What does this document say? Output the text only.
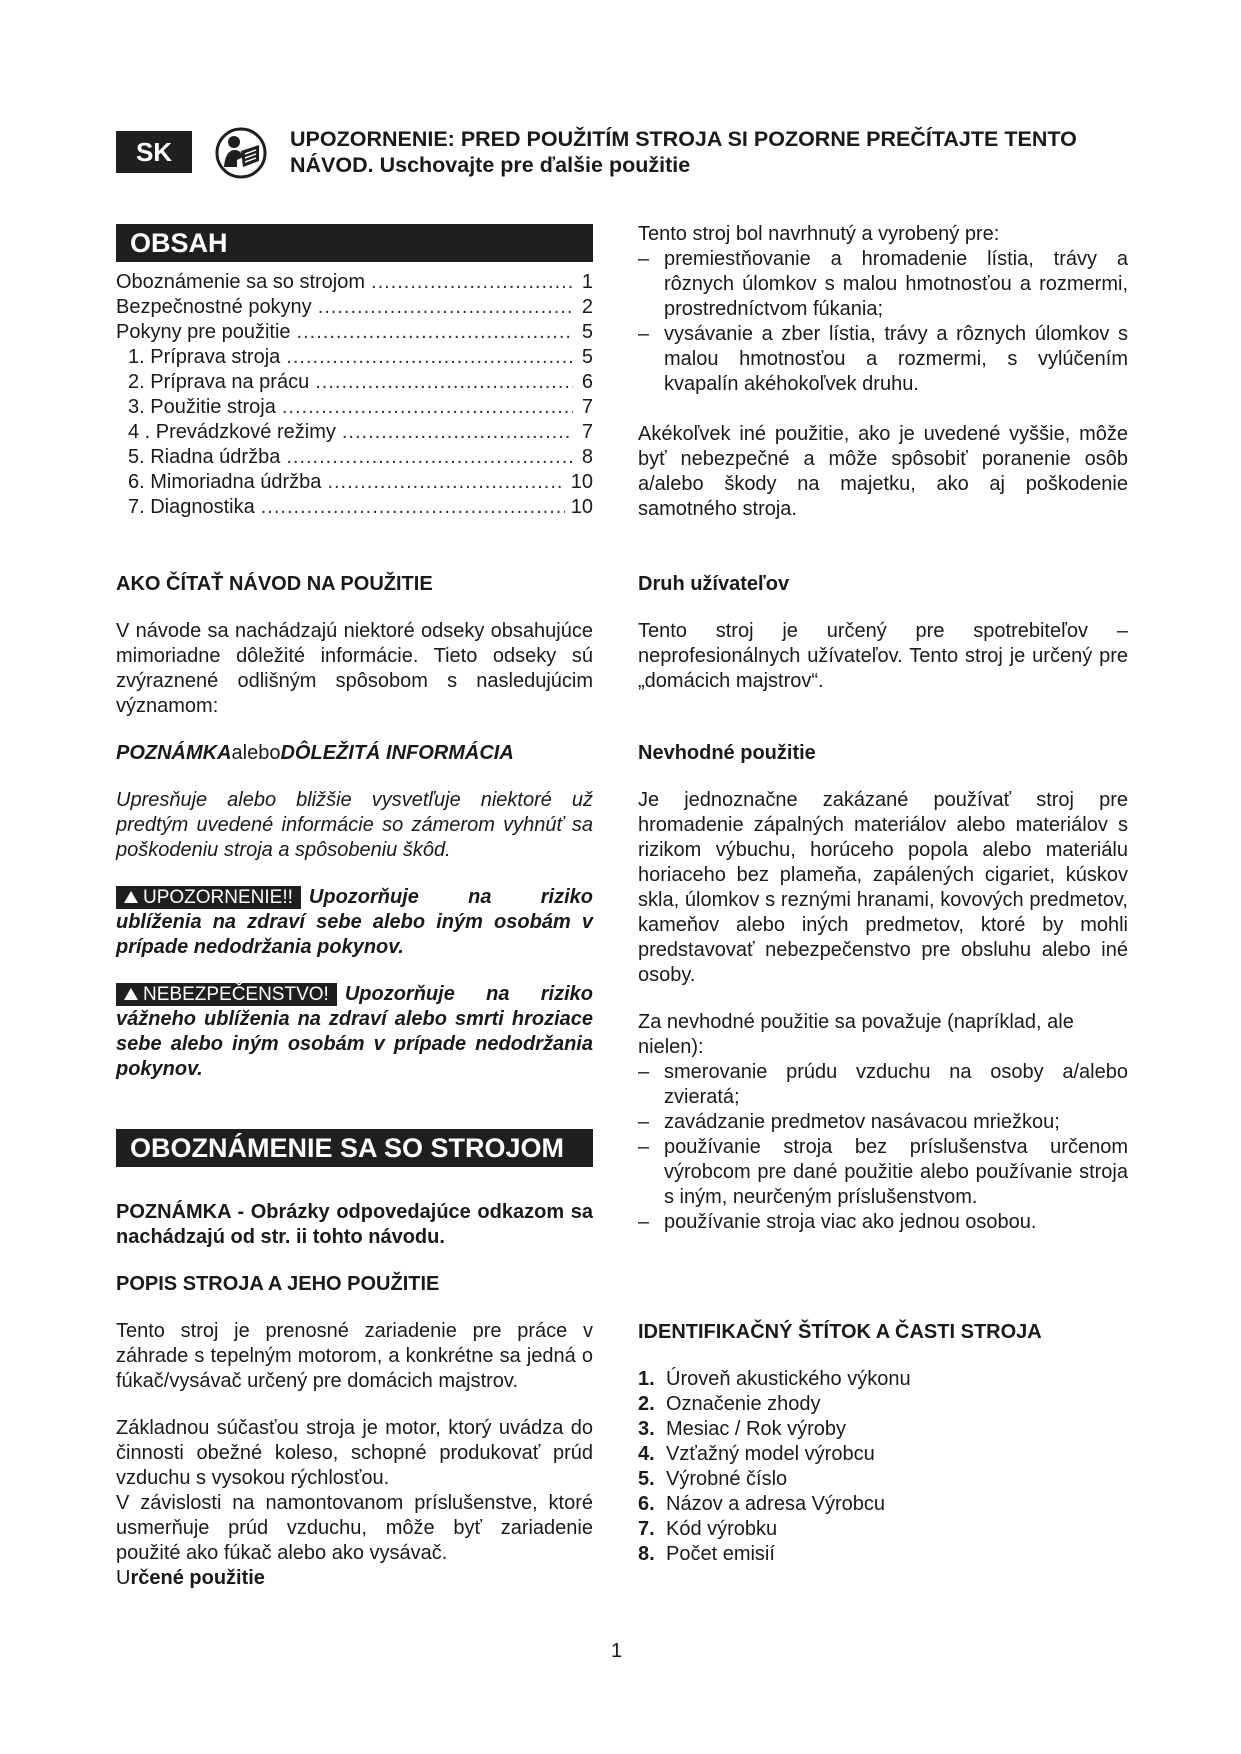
SK	UPOZORNENIE: PRED POUŽITÍM STROJA SI POZORNE PREČÍTAJTE TENTO
NÁVOD. Uschovajte pre ďalšie použitie
OBSAH
Oboznámenie sa so strojom .....	1
Bezpečnostné pokyny .....	2
Pokyny pre použitie .....	5
1. Príprava stroja .....	5
2. Príprava na prácu .....	6
3. Použitie stroja .....	7
4 . Prevádzkové režimy .....	7
5. Riadna údržba .....	8
6. Mimoriadna údržba .....	10
7. Diagnostika .....	10
Tento stroj bol navrhnutý a vyrobený pre:
– premiestňovanie a hromadenie lístia, trávy a rôznych úlomkov s malou hmotnosťou a rozmermi, prostredníctvom fúkania;
– vysávanie a zber lístia, trávy a rôznych úlomkov s malou hmotnosťou a rozmermi, s vylúčením kvapalín akéhokoľvek druhu.
Akékoľvek iné použitie, ako je uvedené vyššie, môže byť nebezpečné a môže spôsobiť poranenie osôb a/alebo škody na majetku, ako aj poškodenie samotného stroja.
AKO ČÍTAŤ NÁVOD NA POUŽITIE
V návode sa nachádzajú niektoré odseky obsahujúce mimoriadne dôležité informácie. Tieto odseky sú zvýraznené odlišným spôsobom s nasledujúcim významom:
POZNÁMKAaleboDÔLEŽITÁ INFORMÁCIA
Upresňuje alebo bližšie vysvetľuje niektoré už predtým uvedené informácie so zámerom vyhnúť sa poškodeniu stroja a spôsobeniu škôd.
UPOZORNENIE!! Upozorňuje na riziko ublíženia na zdraví sebe alebo iným osobám v prípade nedodržania pokynov.
NEBEZPEČENSTVO! Upozorňuje na riziko vážneho ublíženia na zdraví alebo smrti hroziace sebe alebo iným osobám v prípade nedodržania pokynov.
Druh užívateľov
Tento stroj je určený pre spotrebiteľov – neprofesionálnych užívateľov. Tento stroj je určený pre „domácich majstrov“.
Nevhodné použitie
Je jednoznačne zakázané používať stroj pre hromadenie zápalných materiálov alebo materiálov s rizikom výbuchu, horúceho popola alebo materiálu horiaceho bez plameňa, zapálených cigariet, kúskov skla, úlomkov s reznými hranami, kovových predmetov, kameňov alebo iných predmetov, ktoré by mohli predstavovať nebezpečenstvo pre obsluhu alebo iné osoby.
Za nevhodné použitie sa považuje (napríklad, ale nielen):
– smerovanie prúdu vzduchu na osoby a/alebo zvieratá;
– zavádzanie predmetov nasávacou mriežkou;
– používanie stroja bez príslušenstva určenom výrobcom pre dané použitie alebo používanie stroja s iným, neurčeným príslušenstvom.
– používanie stroja viac ako jednou osobou.
OBOZNÁMENIE SA SO STROJOM
POZNÁMKA - Obrázky odpovedajúce odkazom sa nachádzajú od str. ii tohto návodu.
POPIS STROJA A JEHO POUŽITIE
Tento stroj je prenosné zariadenie pre práce v záhrade s tepelným motorom, a konkrétne sa jedná o fúkač/vysávač určený pre domácich majstrov.
Základnou súčasťou stroja je motor, ktorý uvádza do činnosti obežné koleso, schopné produkovať prúd vzduchu s vysokou rýchlosťou.
V závislosti na namontovanom príslušenstve, ktoré usmerňuje prúd vzduchu, môže byť zariadenie použité ako fúkač alebo ako vysávač.
Určené použitie
IDENTIFIKAČNÝ ŠTÍTOK A ČASTI STROJA
1. Úroveň akustického výkonu
2. Označenie zhody
3. Mesiac / Rok výroby
4. Vzťažný model výrobcu
5. Výrobné číslo
6. Názov a adresa Výrobcu
7. Kód výrobku
8. Počet emisií
1
